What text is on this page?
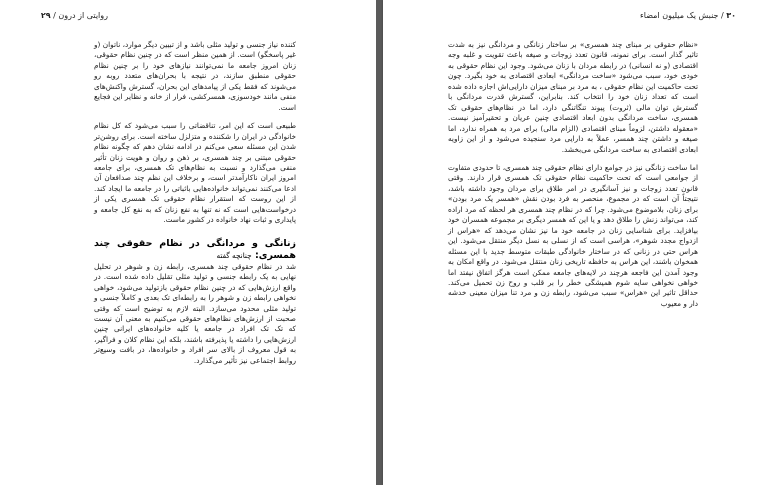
روایتی از درون / ۲۹

کننده نیاز جنسی و تولید مثلی باشد و از تبیین دیگر موارد، ناتوان (و غیر پاسخگو) است. از همین منظر است که در چنین نظام حقوقی، زنان امروز جامعه ما نمی‌توانند نیازهای خود را بر چنین نظام حقوقی منطبق سازند، در نتیجه با بحران‌های متعدد روبه رو می‌شوند که فقط یکی از پیامدهای این بحران، گسترش واکنش‌های منفی مانند خودسوزی، همسرکشی، فرار از خانه و نظایر این فجایع است.

طبیعی است که این امر، تناقضاتی را سبب می‌شود که کل نظام خانوادگی در ایران را شکننده و متزلزل ساخته است. برای روشن‌تر شدن این مسئله سعی می‌کنم در ادامه نشان دهم که چگونه نظام حقوقی مبتنی بر چند همسری، بر ذهن و روان و هویت زنان تأثیر منفی می‌گذارد و نسبت به نظام‌های تک همسری، برای جامعه امروز ایران ناکارآمدتر است، و برخلاف این نظم چند صدافعان آن ادعا می‌کنند نمی‌تواند خانواده‌هایی باثباتی را در جامعه ما ایجاد کند. از این روست که استقرار نظام حقوقی تک همسری یکی از درخواست‌هایی است که نه تنها به نفع زنان که به نفع کل جامعه و پایداری و ثبات نهاد خانواده در کشور ماست.

زنانگی و مردانگی در نظام حقوقی چند همسری: چنانچه گفته

شد در نظام حقوقی چند همسری، رابطه زن و شوهر در تحلیل نهایی به یک رابطه جنسی و تولید مثلی تقلیل داده شده است. در واقع ارزش‌هایی که در چنین نظام حقوقی بازتولید می‌شود، خواهی نخواهی رابطه زن و شوهر را به رابطه‌ای تک بعدی و کاملاً جنسی و تولید مثلی محدود می‌سازد. البته لازم به توضیح است که وقتی صحبت از ارزش‌های نظام‌های حقوقی می‌کنیم به معنی آن نیست که تک تک افراد در جامعه یا کلیه خانواده‌های ایرانی چنین ارزش‌هایی را داشته یا پذیرفته باشند، بلکه این نظام کلان و فراگیر، به قول معروف از بالای سر افراد و خانواده‌ها، در بافت وسیع‌تر روابط اجتماعی نیز تأثیر می‌گذارد.

۳۰ / جنبش یک میلیون امضاء

«نظام حقوقی بر مبنای چند همسری» بر ساختار زنانگی و مردانگی نیز به شدت تاثیر گذار است. برای نمونه، قانون تعدد زوجات و صیغه باعث تقویت و غلبه وجه اقتصادی (و نه انسانی) در رابطه مردان با زنان می‌شود. وجود این نظام حقوقی به خودی خود، سبب می‌شود «ساخت مردانگی» ابعادی اقتصادی به خود بگیرد. چون تحت حاکمیت این نظام حقوقی ، به مرد بر مبنای میزان دارایی‌اش اجازه داده شده است که تعداد زنان خود را انتخاب کند. بنابراین، گسترش قدرت مردانگی با گسترش توان مالی (ثروت) پیوند تنگاتنگی دارد، اما در نظام‌های حقوقی تک همسری، ساخت مردانگی بدون ابعاد اقتصادی چنین عریان و تحقیرآمیز نیست. «معقوله داشتن، لزوماً مبنای اقتصادی (الزام مالی) برای مرد به همراه ندارد، اما صیغه و داشتن چند همسر، عملاً به دارایی مرد سنجیده می‌شود و از این زاویه ابعادی اقتصادی به ساخت مردانگی می‌بخشد.

اما ساخت زنانگی نیز در جوامع دارای نظام حقوقی چند همسری، تا حدودی متفاوت از جوامعی است که تحت حاکمیت نظام حقوقی تک همسری قرار دارند. وقتی قانون تعدد زوجات و نیز آسانگیری در امر طلاق برای مردان وجود داشته باشد، نتیجتاً آن است که در مجموع، منحصر به فرد بودن نقش «همسر یک مرد بودن» برای زنان، بلاموضوع می‌شود. چرا که در نظام چند همسری هر لحظه که مرد اراده کند، می‌تواند زنش را طلاق دهد و یا این که همسر دیگری بر مجموعه همسران خود بیافزاید. برای شناسایی زنان در جامعه خود ما نیز نشان می‌دهد که «هراس از ازدواج مجدد شوهر»، هراسی است که از نسلی به نسل دیگر منتقل می‌شود. این هراس حتی در زنانی که در ساختار خانوادگی طبقات متوسط جدید با این مسئله همخوان باشند، این هراس به حافظه تاریخی زنان منتقل می‌شود. در واقع امکان به وجود آمدن این فاجعه هرچند در لایه‌های جامعه ممکن است هرگز اتفاق نیفتد اما خواهی نخواهی سایه شوم همیشگی خطر را بر قلب و روح زن تحمیل می‌کند. حداقل تاثیر این «هراس» سبب می‌شود، رابطه زن و مرد تنا میزان معینی خدشه دار و معیوب
